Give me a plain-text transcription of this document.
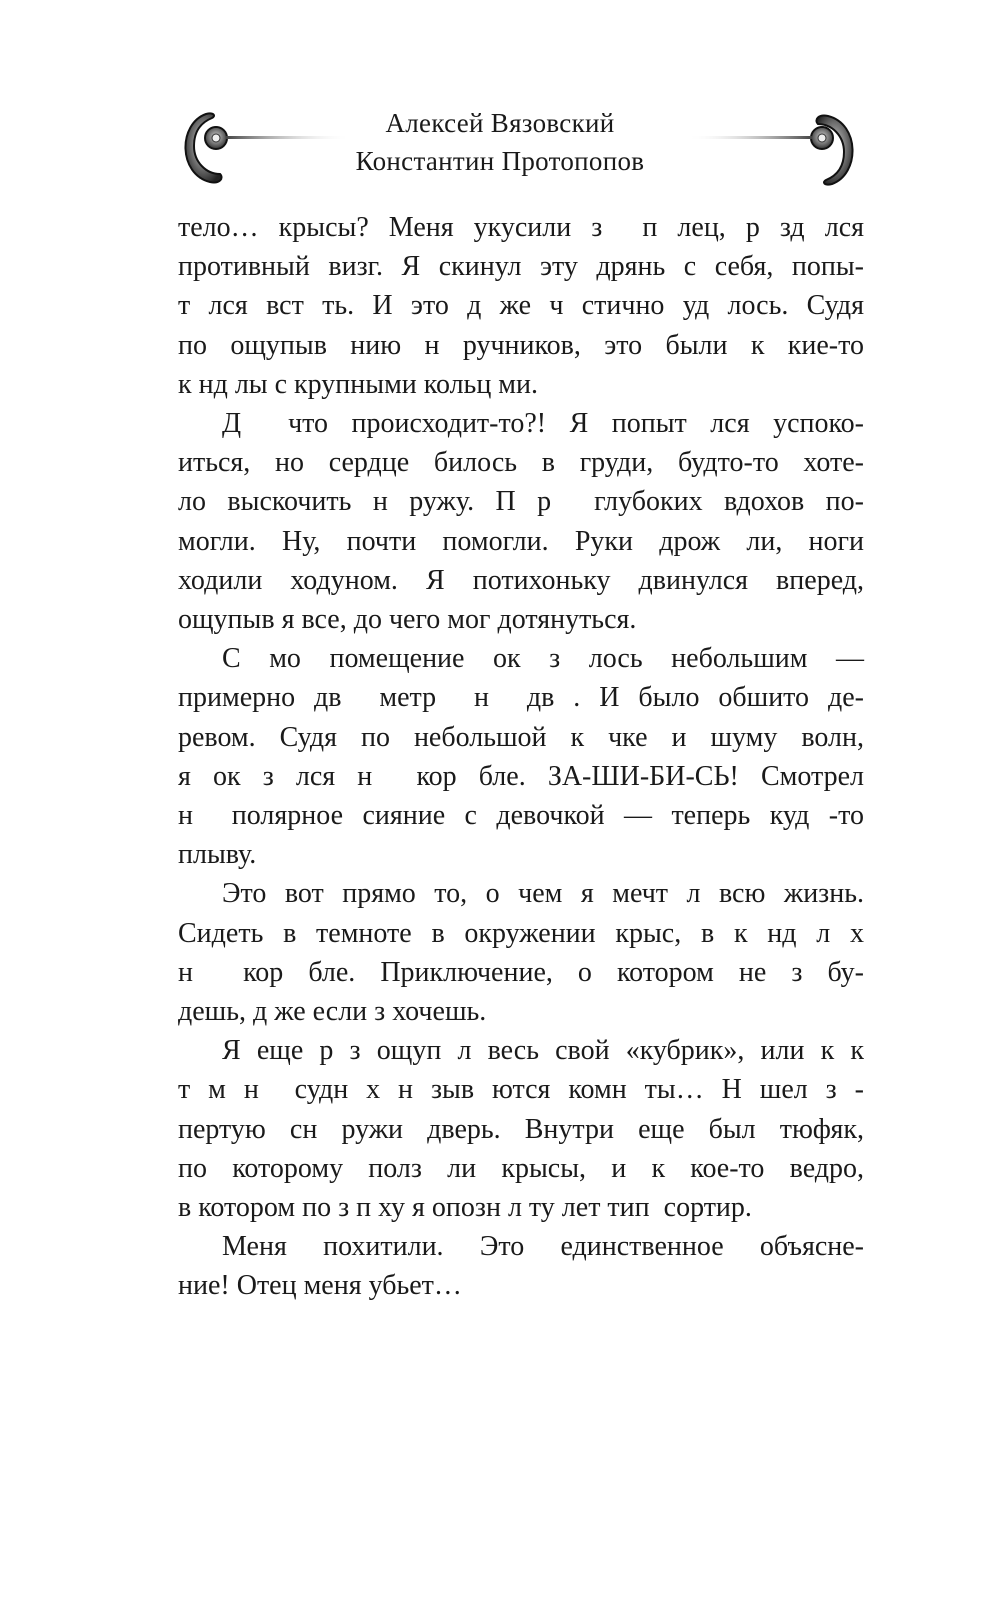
Алексей Вязовский
Константин Протопопов
тело… крысы? Меня укусили з  п лец, р зд лся
противный визг. Я скинул эту дрянь с себя, попы-
т лся вст ть. И это д же ч стично уд лось. Судя
по ощупыв нию н ручников, это были к кие-то
к нд лы с крупными кольц ми.
Д  что происходит-то?! Я попыт лся успоко-
иться, но сердце билось в груди, будто-то хоте-
ло выскочить н ружу. П р  глубоких вдохов по-
могли. Ну, почти помогли. Руки дрож ли, ноги
ходили ходуном. Я потихоньку двинулся вперед,
ощупыв я все, до чего мог дотянуться.
С мо помещение ок з лось небольшим —
примерно дв  метр  н  дв . И было обшито де-
ревом. Судя по небольшой к чке и шуму волн,
я ок з лся н  кор бле. ЗА-ШИ-БИ-СЬ! Смотрел
н  полярное сияние с девочкой — теперь куд -то
плыву.
Это вот прямо то, о чем я мечт л всю жизнь.
Сидеть в темноте в окружении крыс, в к нд л х
н  кор бле. Приключение, о котором не з бу-
дешь, д же если з хочешь.
Я еще р з ощуп л весь свой «кубрик», или к к
т м н  судн х н зыв ются комн ты… Н шел з -
пертую сн ружи дверь. Внутри еще был тюфяк,
по которому полз ли крысы, и к кое-то ведро,
в котором по з п ху я опозн л ту лет тип  сортир.
Меня похитили. Это единственное объясне-
ние! Отец меня убьет…
